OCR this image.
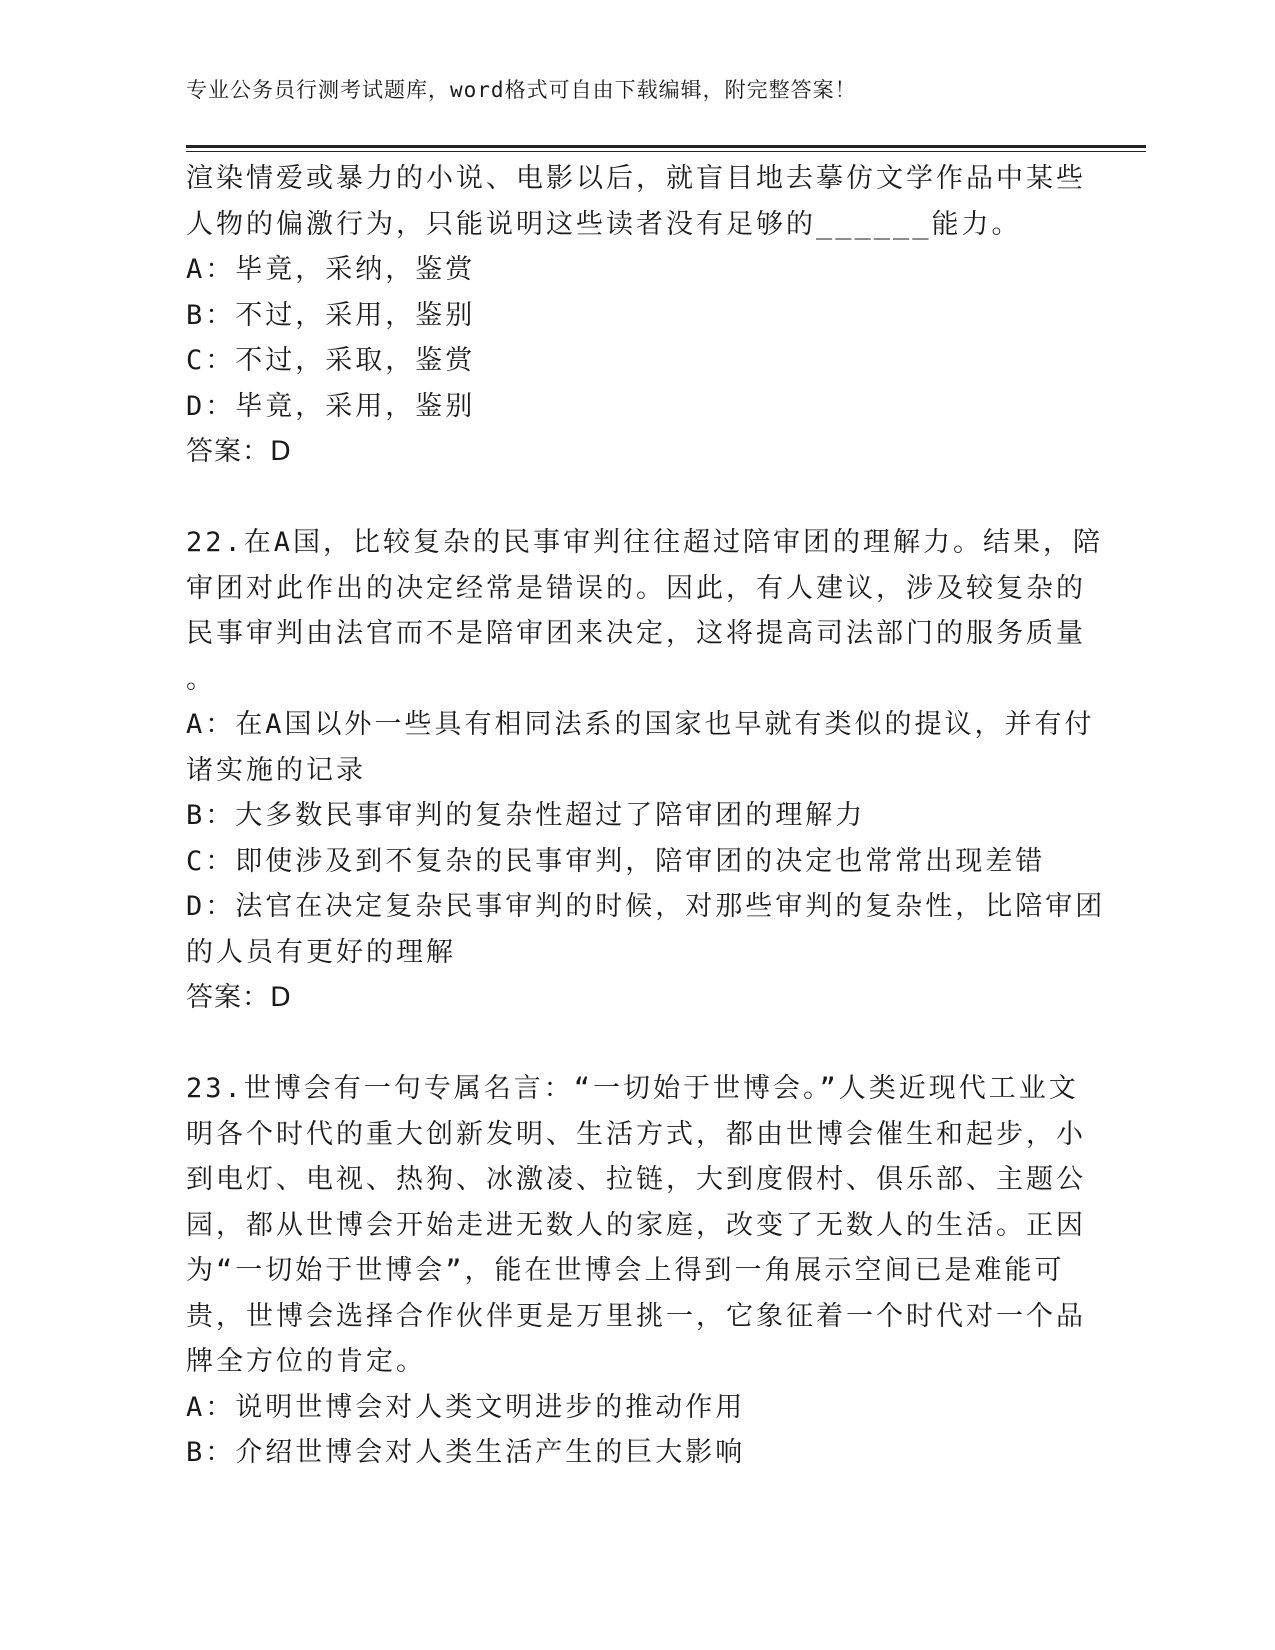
专业公务员行测考试题库，word格式可自由下载编辑，附完整答案！
渲染情爱或暴力的小说、电影以后，就盲目地去摹仿文学作品中某些
人物的偏激行为，只能说明这些读者没有足够的______能力。
A：毕竟，采纳，鉴赏
B：不过，采用，鉴别
C：不过，采取，鉴赏
D：毕竟，采用，鉴别
答案：D
22.在A国，比较复杂的民事审判往往超过陪审团的理解力。结果，陪
审团对此作出的决定经常是错误的。因此，有人建议，涉及较复杂的
民事审判由法官而不是陪审团来决定，这将提高司法部门的服务质量
。
A：在A国以外一些具有相同法系的国家也早就有类似的提议，并有付
诸实施的记录
B：大多数民事审判的复杂性超过了陪审团的理解力
C：即使涉及到不复杂的民事审判，陪审团的决定也常常出现差错
D：法官在决定复杂民事审判的时候，对那些审判的复杂性，比陪审团
的人员有更好的理解
答案：D
23.世博会有一句专属名言：“一切始于世博会。”人类近现代工业文
明各个时代的重大创新发明、生活方式，都由世博会催生和起步，小
到电灯、电视、热狗、冰激凌、拉链，大到度假村、俱乐部、主题公
园，都从世博会开始走进无数人的家庭，改变了无数人的生活。正因
为“一切始于世博会”，能在世博会上得到一角展示空间已是难能可
贵，世博会选择合作伙伴更是万里挑一，它象征着一个时代对一个品
牌全方位的肯定。
A：说明世博会对人类文明进步的推动作用
B：介绍世博会对人类生活产生的巨大影响
